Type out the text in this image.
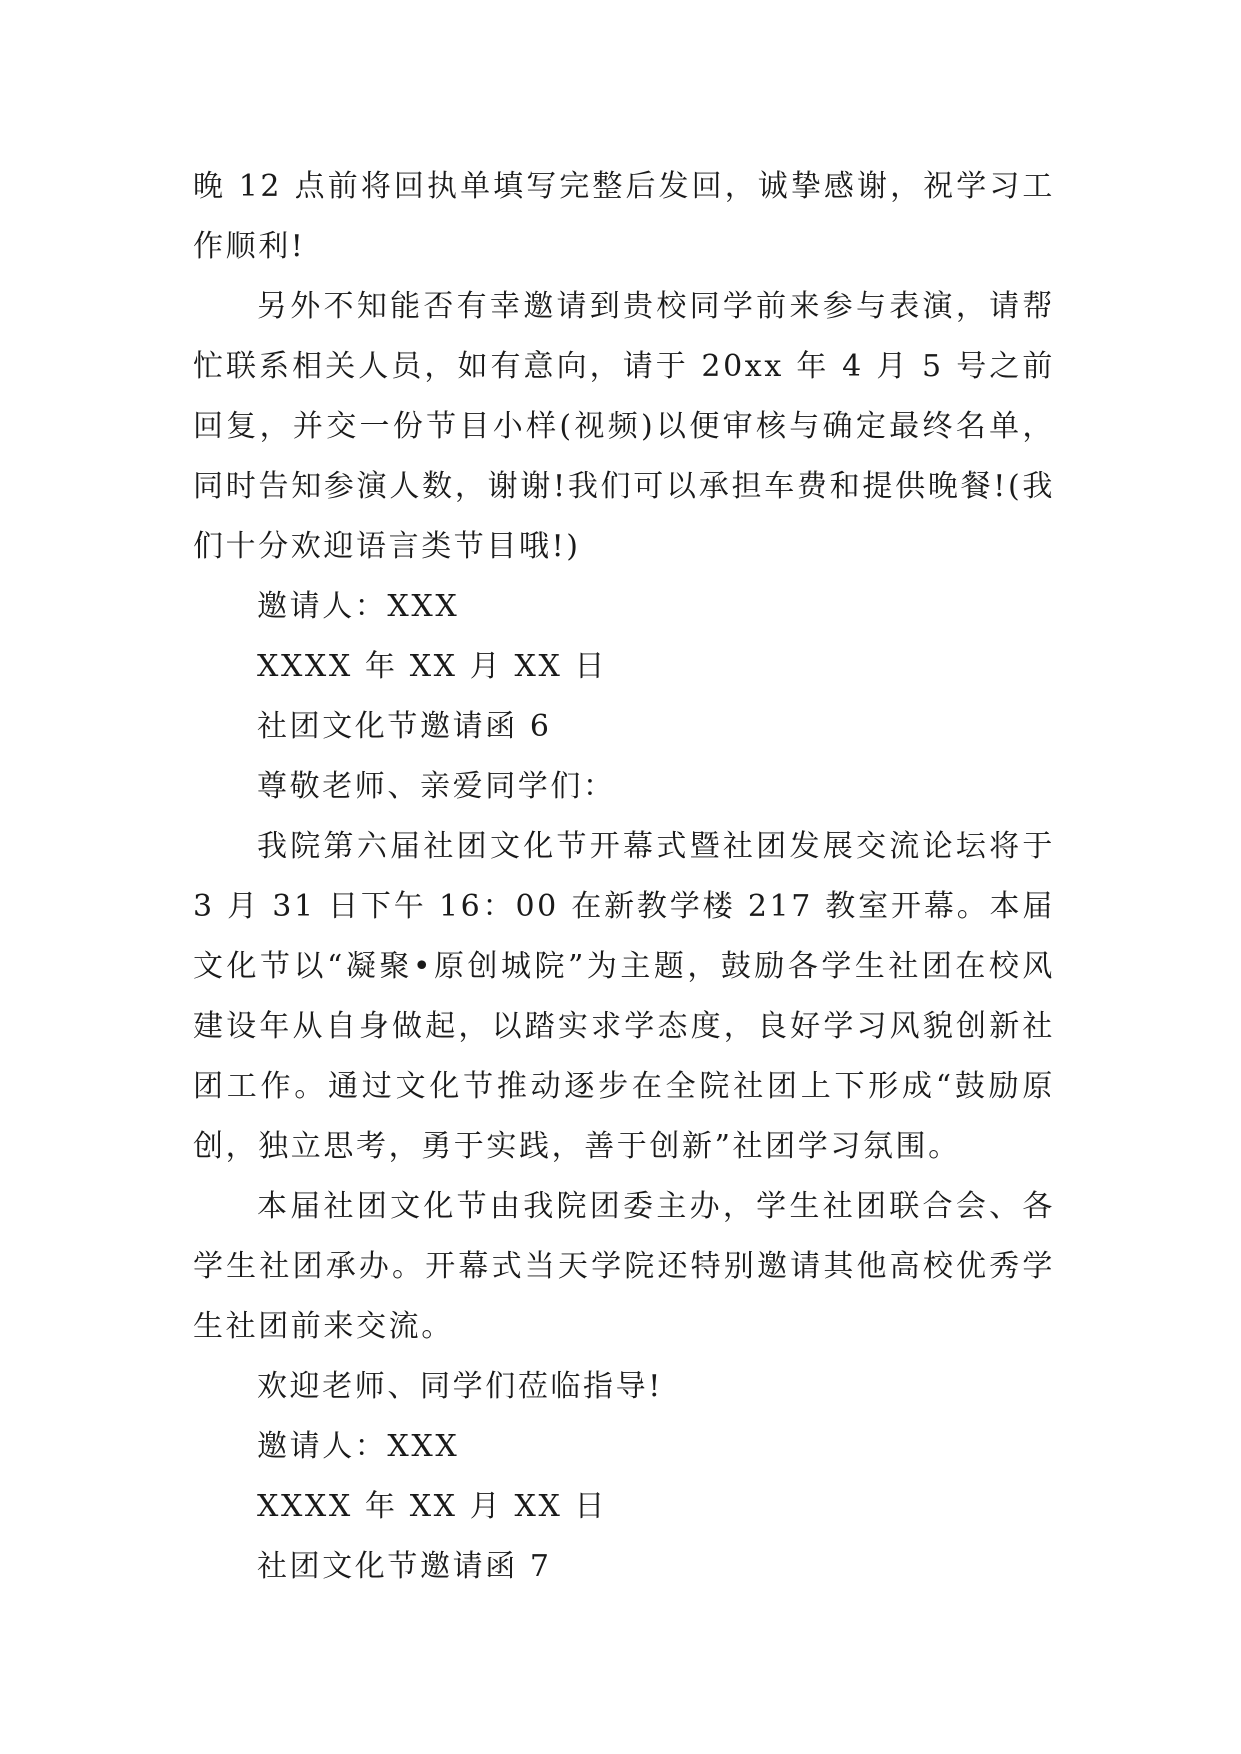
晚 12 点前将回执单填写完整后发回，诚挚感谢，祝学习工作顺利!

另外不知能否有幸邀请到贵校同学前来参与表演，请帮忙联系相关人员，如有意向，请于 20xx 年 4 月 5 号之前回复，并交一份节目小样(视频)以便审核与确定最终名单，同时告知参演人数，谢谢!我们可以承担车费和提供晚餐!(我们十分欢迎语言类节目哦!)

邀请人：XXX

XXXX 年 XX 月 XX 日

社团文化节邀请函 6

尊敬老师、亲爱同学们：

我院第六届社团文化节开幕式暨社团发展交流论坛将于 3 月 31 日下午 16：00 在新教学楼 217 教室开幕。本届文化节以“凝聚•原创城院”为主题，鼓励各学生社团在校风建设年从自身做起，以踏实求学态度，良好学习风貌创新社团工作。通过文化节推动逐步在全院社团上下形成“鼓励原创，独立思考，勇于实践，善于创新”社团学习氛围。

本届社团文化节由我院团委主办，学生社团联合会、各学生社团承办。开幕式当天学院还特别邀请其他高校优秀学生社团前来交流。

欢迎老师、同学们莅临指导!

邀请人：XXX

XXXX 年 XX 月 XX 日

社团文化节邀请函 7
